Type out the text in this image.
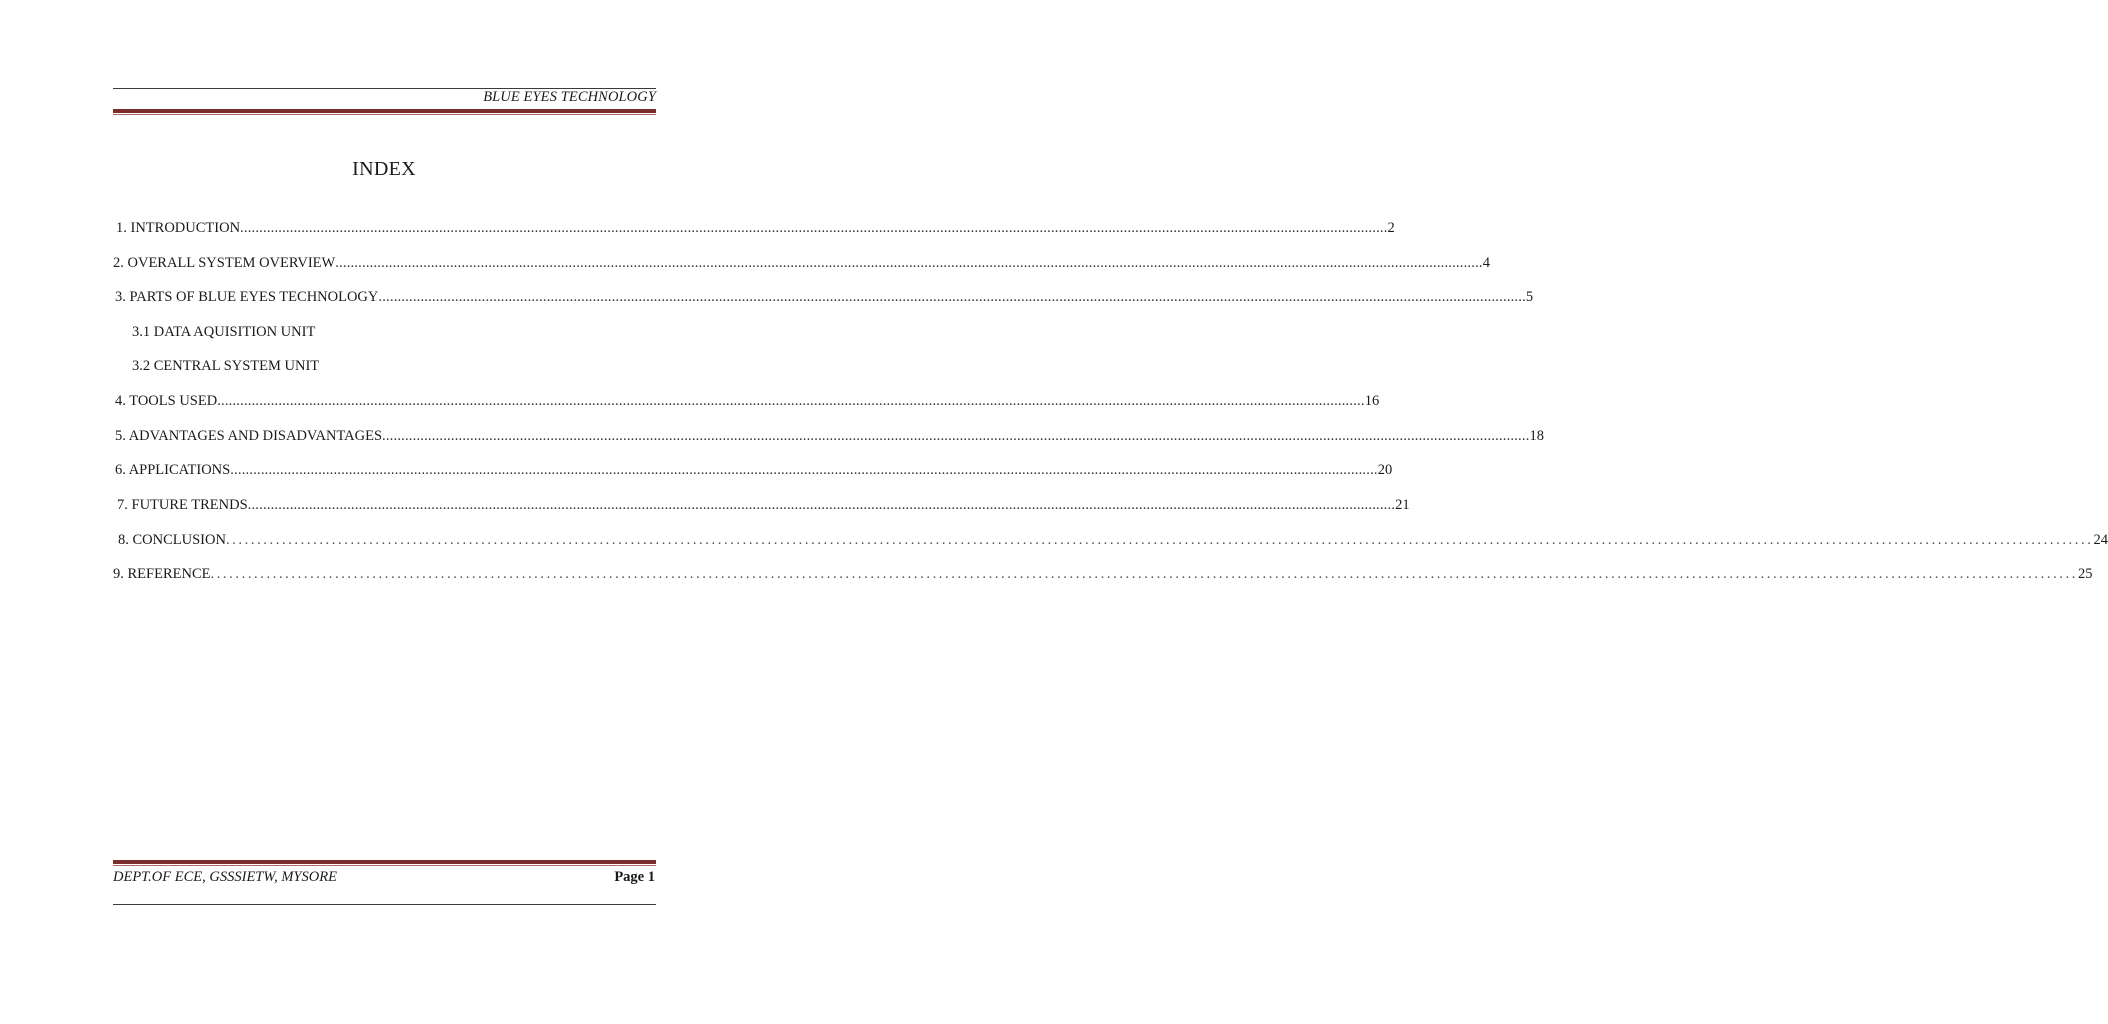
BLUE EYES TECHNOLOGY
INDEX
1. INTRODUCTION ............................................................................................................................................................................................................................................................................................................ 2
2. OVERALL SYSTEM OVERVIEW ............................................................................................................................................................................................................................................................................................................ 4
3. PARTS OF BLUE EYES TECHNOLOGY ............................................................................................................................................................................................................................................................................................................ 5
3.1 DATA AQUISITION UNIT
3.2 CENTRAL SYSTEM UNIT
4. TOOLS USED ............................................................................................................................................................................................................................................................................................................ 16
5. ADVANTAGES AND DISADVANTAGES ............................................................................................................................................................................................................................................................................................................ 18
6. APPLICATIONS ............................................................................................................................................................................................................................................................................................................ 20
7. FUTURE TRENDS ............................................................................................................................................................................................................................................................................................................ 21
8. CONCLUSION ............................................................................................................................................................................................................................................................................................................ 24
9. REFERENCE ............................................................................................................................................................................................................................................................................................................ 25
DEPT.OF ECE, GSSSIETW, MYSORE	Page 1
